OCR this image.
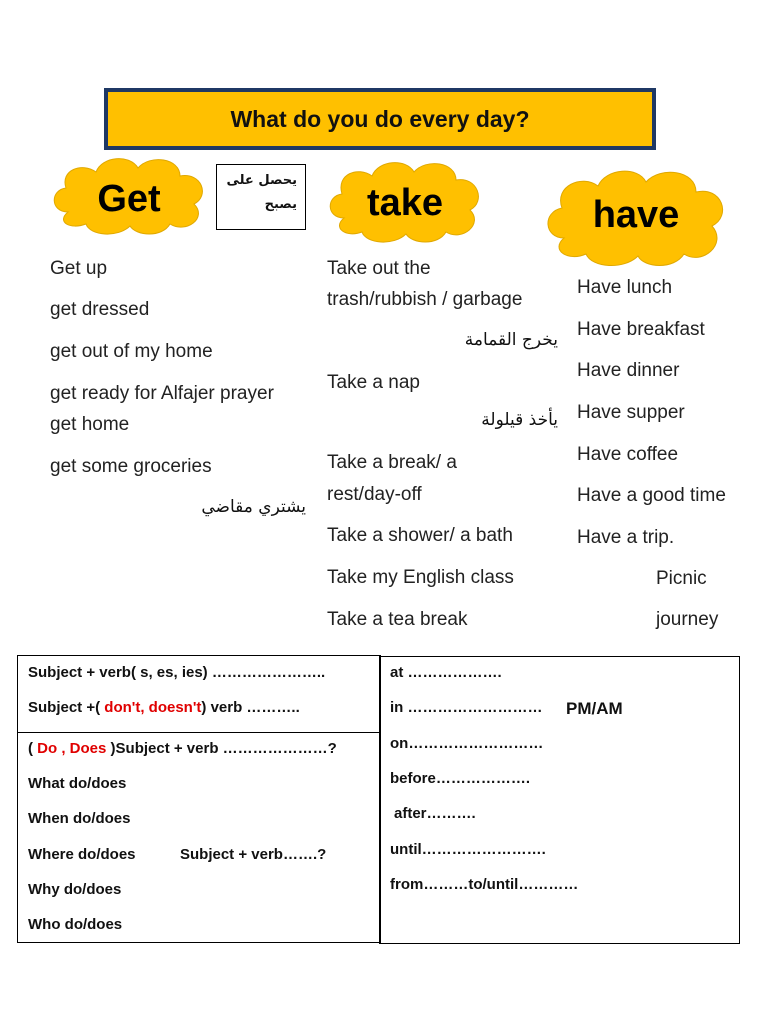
What do you do every day?
Get	يحصل على
يصبح	take	have
Get up
get dressed
get out of my home
get ready for Alfajer prayer
get home
get some groceries
يشتري مقاضي
Take out the
trash/rubbish / garbage
يخرج القمامة
Take a nap
يأخذ قيلولة
Take a break/ a
rest/day-off
Take a shower/ a bath
Take my English class
Take a tea break
Have lunch
Have breakfast
Have dinner
Have supper
Have coffee
Have a good time
Have a trip.
Picnic
journey
Subject + verb( s, es, ies) …………………..
Subject +( don't, doesn't) verb ………..
( Do , Does )Subject + verb …………………?
What do/does
When do/does
Where do/does	Subject + verb…….?
Why do/does
Who do/does
at ……………….
in ……………………… PM/AM
on………………………
before……………….
after……….
until…………………….
from………to/until…………
